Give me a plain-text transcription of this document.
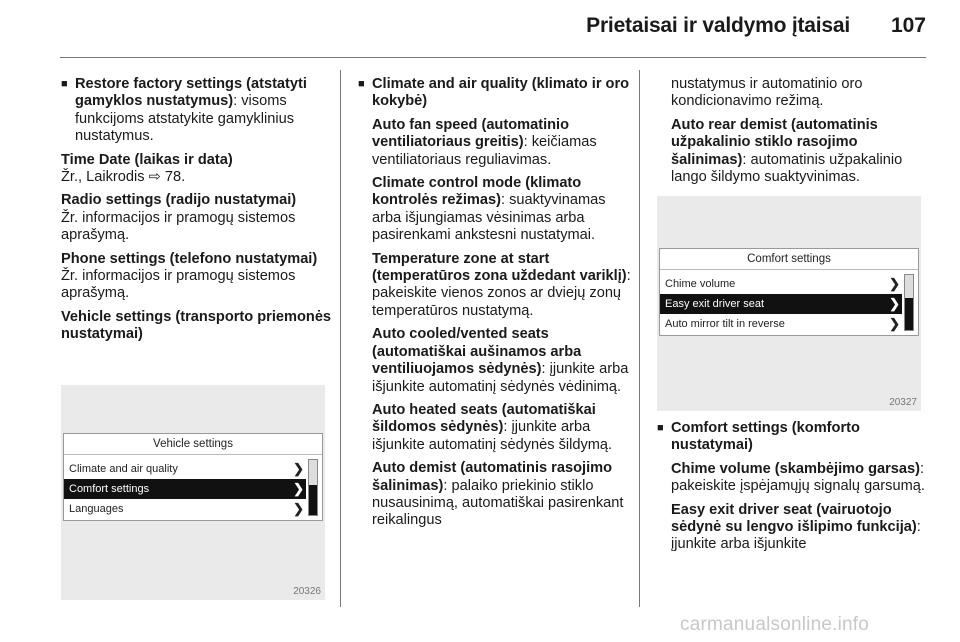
Prietaisai ir valdymo įtaisai	107
■
Restore factory settings (atstatyti gamyklos nustatymus): visoms funkcijoms atstatykite gamyklinius nustatymus.
Time Date (laikas ir data)
Žr., Laikrodis ⇨ 78.
Radio settings (radijo nustatymai)
Žr. informacijos ir pramogų sistemos aprašymą.
Phone settings (telefono nustatymai)
Žr. informacijos ir pramogų sistemos aprašymą.
Vehicle settings (transporto priemonės nustatymai)
Vehicle settings
Climate and air quality	❯
Comfort settings	❯
Languages	❯
20326
■
Climate and air quality (klimato ir oro kokybė)
Auto fan speed (automatinio ventiliatoriaus greitis): keičiamas ventiliatoriaus reguliavimas.
Climate control mode (klimato kontrolės režimas): suaktyvinamas arba išjungiamas vėsinimas arba pasirenkami ankstesni nustatymai.
Temperature zone at start (temperatūros zona uždedant variklį): pakeiskite vienos zonos ar dviejų zonų temperatūros nustatymą.
Auto cooled/vented seats (automatiškai aušinamos arba ventiliuojamos sėdynės): įjunkite arba išjunkite automatinį sėdynės vėdinimą.
Auto heated seats (automatiškai šildomos sėdynės): įjunkite arba išjunkite automatinį sėdynės šildymą.
Auto demist (automatinis rasojimo šalinimas): palaiko priekinio stiklo nusausinimą, automatiškai pasirenkant reikalingus
nustatymus ir automatinio oro kondicionavimo režimą.
Auto rear demist (automatinis užpakalinio stiklo rasojimo šalinimas): automatinis užpakalinio lango šildymo suaktyvinimas.
Comfort settings
Chime volume	❯
Easy exit driver seat	❯
Auto mirror tilt in reverse	❯
20327
■
Comfort settings (komforto nustatymai)
Chime volume (skambėjimo garsas): pakeiskite įspėjamųjų signalų garsumą.
Easy exit driver seat (vairuotojo sėdynė su lengvo išlipimo funkcija): įjunkite arba išjunkite
carmanualsonline.info
